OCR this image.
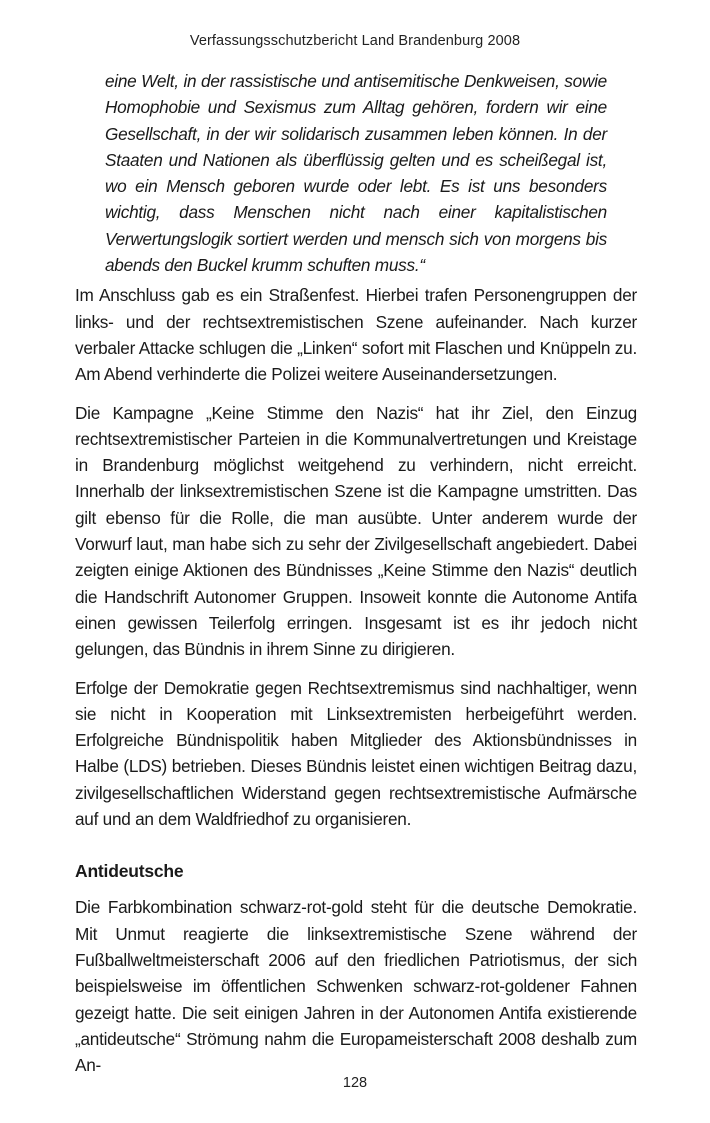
Verfassungsschutzbericht Land Brandenburg 2008

eine Welt, in der rassistische und antisemitische Denkweisen, sowie Homophobie und Sexismus zum Alltag gehören, fordern wir eine Gesellschaft, in der wir solidarisch zusammen leben können. In der Staaten und Nationen als überflüssig gelten und es scheißegal ist, wo ein Mensch geboren wurde oder lebt. Es ist uns besonders wichtig, dass Menschen nicht nach einer kapitalistischen Verwertungslogik sortiert werden und mensch sich von morgens bis abends den Buckel krumm schuften muss.“

Im Anschluss gab es ein Straßenfest. Hierbei trafen Personengruppen der links- und der rechtsextremistischen Szene aufeinander. Nach kurzer verbaler Attacke schlugen die „Linken“ sofort mit Flaschen und Knüppeln zu. Am Abend verhinderte die Polizei weitere Auseinandersetzungen.

Die Kampagne „Keine Stimme den Nazis“ hat ihr Ziel, den Einzug rechtsextremistischer Parteien in die Kommunalvertretungen und Kreistage in Brandenburg möglichst weitgehend zu verhindern, nicht erreicht. Innerhalb der linksextremistischen Szene ist die Kampagne umstritten. Das gilt ebenso für die Rolle, die man ausübte. Unter anderem wurde der Vorwurf laut, man habe sich zu sehr der Zivilgesellschaft angebiedert. Dabei zeigten einige Aktionen des Bündnisses „Keine Stimme den Nazis“ deutlich die Handschrift Autonomer Gruppen. Insoweit konnte die Autonome Antifa einen gewissen Teilerfolg erringen. Insgesamt ist es ihr jedoch nicht gelungen, das Bündnis in ihrem Sinne zu dirigieren.

Erfolge der Demokratie gegen Rechtsextremismus sind nachhaltiger, wenn sie nicht in Kooperation mit Linksextremisten herbeigeführt werden. Erfolgreiche Bündnispolitik haben Mitglieder des Aktionsbündnisses in Halbe (LDS) betrieben. Dieses Bündnis leistet einen wichtigen Beitrag dazu, zivilgesellschaftlichen Widerstand gegen rechtsextremistische Aufmärsche auf und an dem Waldfriedhof zu organisieren.

Antideutsche

Die Farbkombination schwarz-rot-gold steht für die deutsche Demokratie. Mit Unmut reagierte die linksextremistische Szene während der Fußballweltmeisterschaft 2006 auf den friedlichen Patriotismus, der sich beispielsweise im öffentlichen Schwenken schwarz-rot-goldener Fahnen gezeigt hatte. Die seit einigen Jahren in der Autonomen Antifa existierende „antideutsche“ Strömung nahm die Europameisterschaft 2008 deshalb zum An-

128
